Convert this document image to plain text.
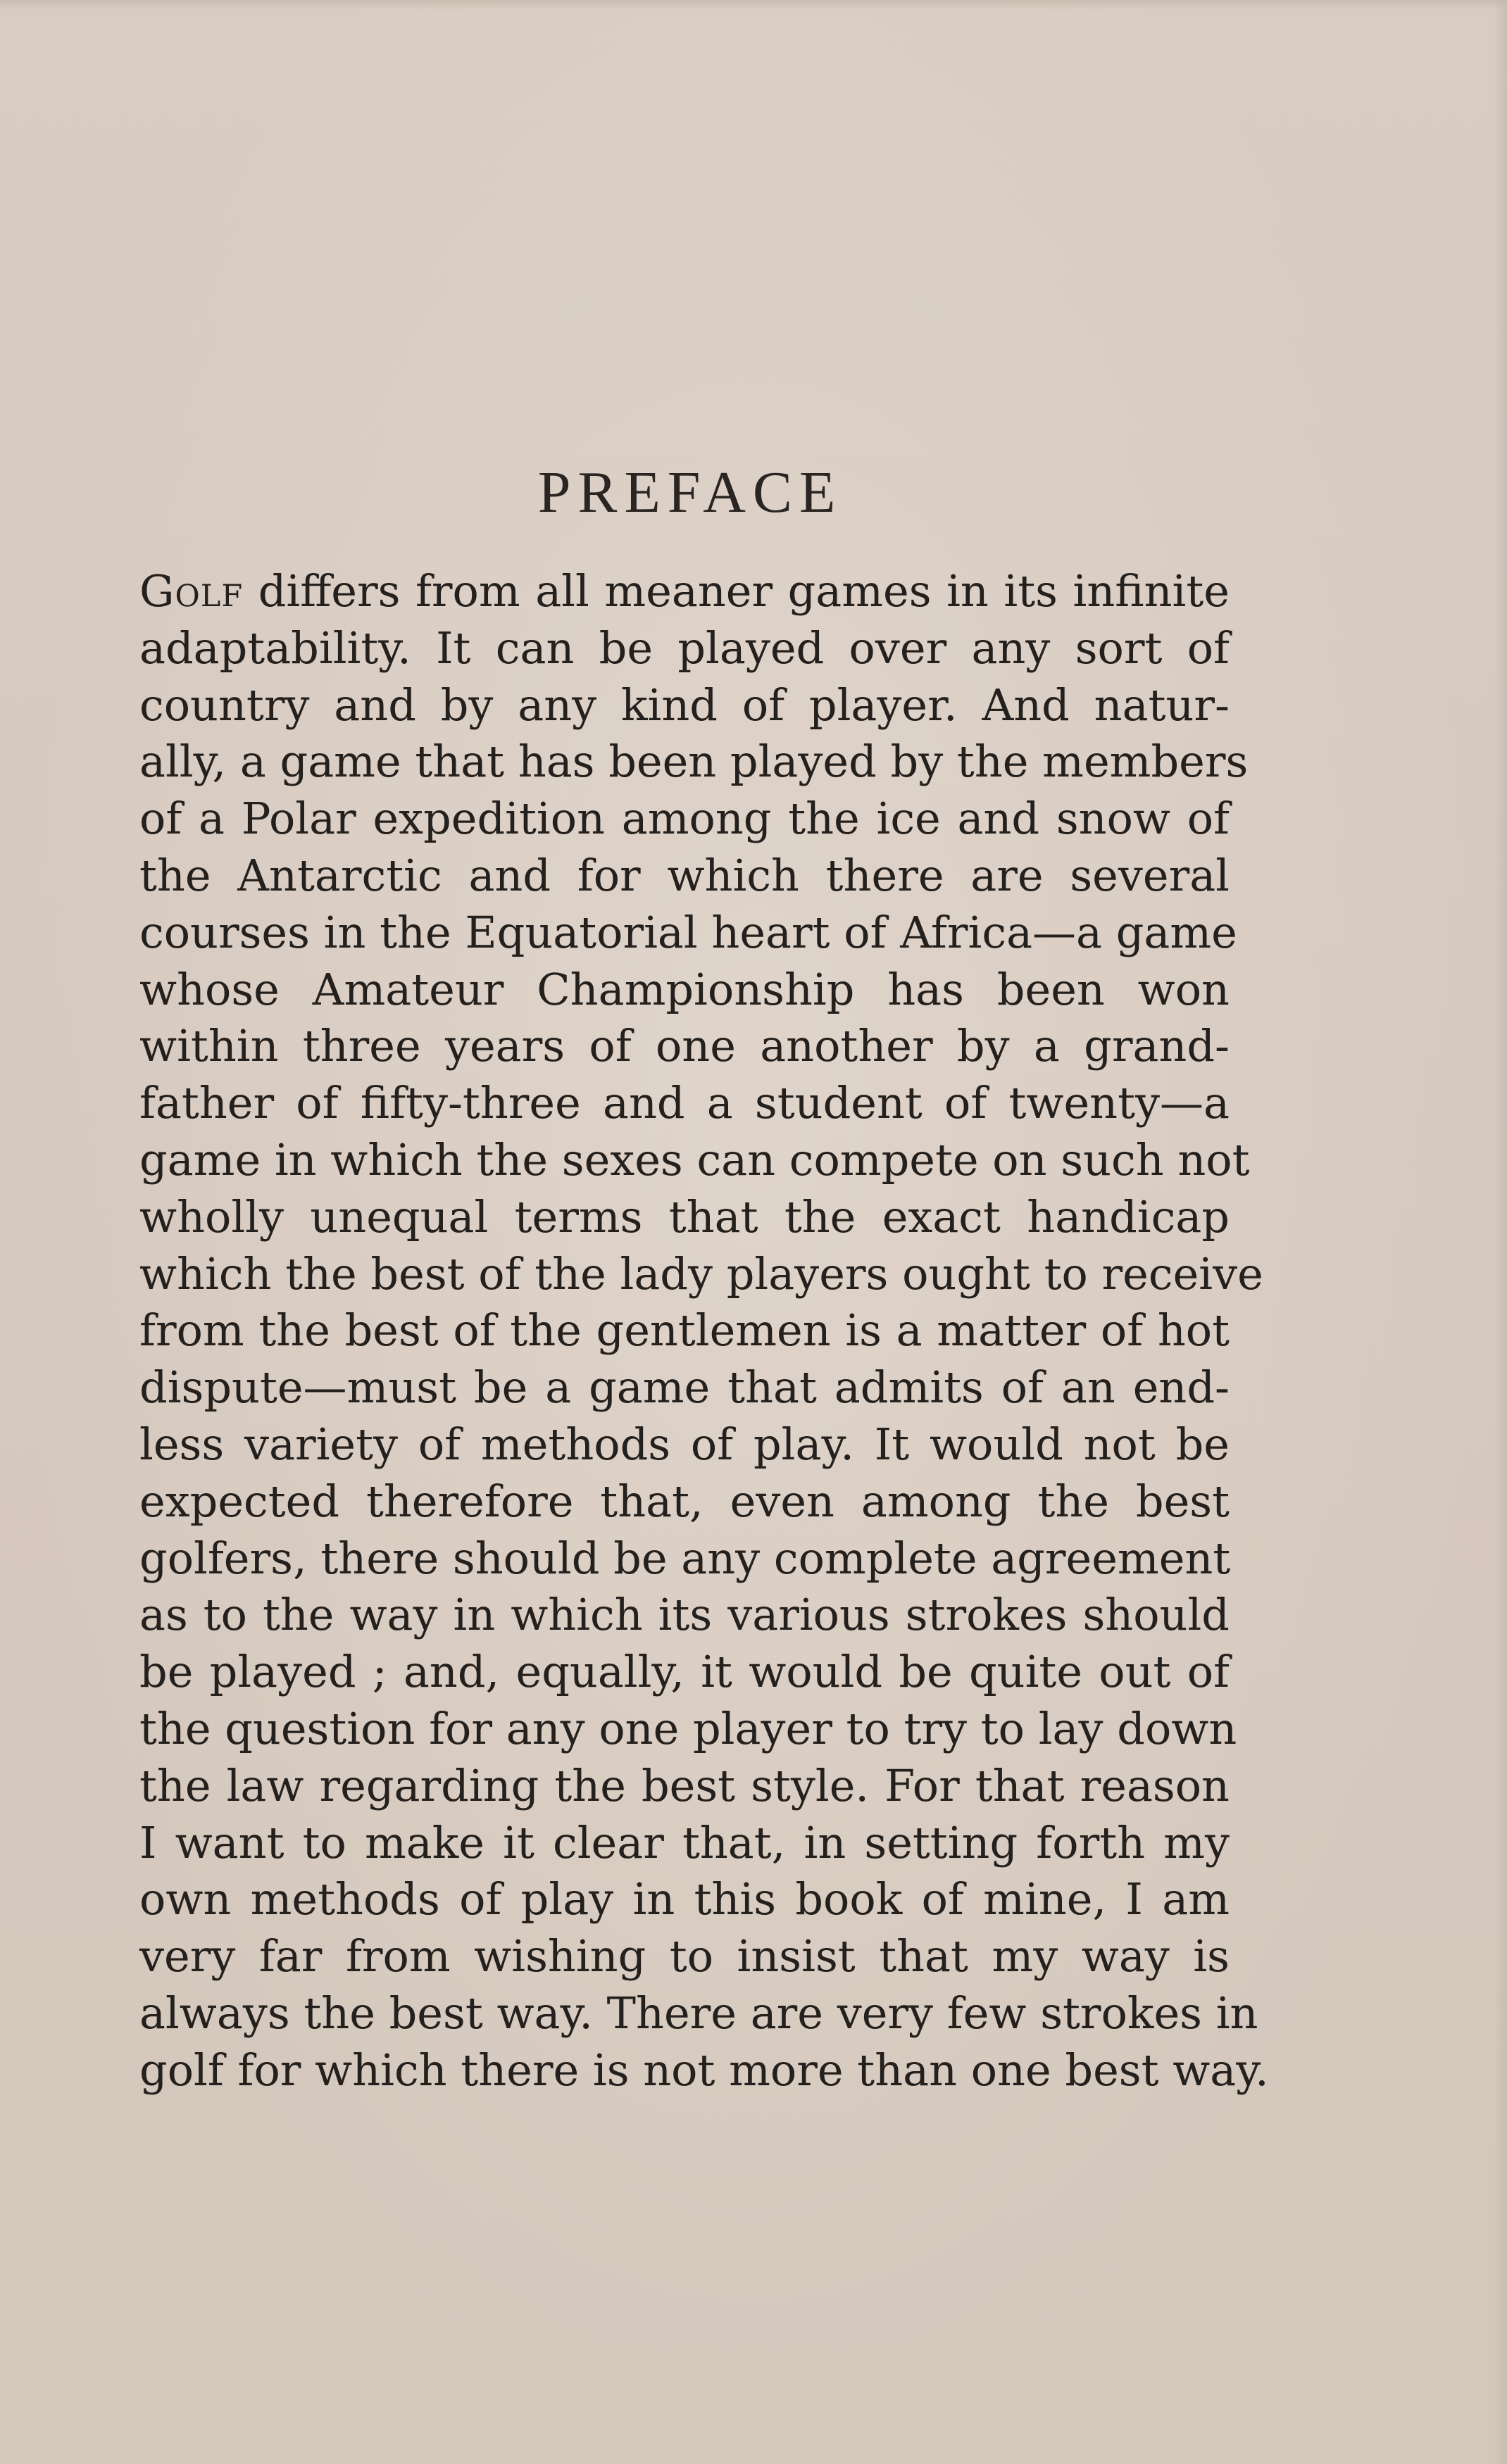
PREFACE
Golf differs from all meaner games in its infinite
adaptability. It can be played over any sort of
country and by any kind of player. And natur-
ally, a game that has been played by the members
of a Polar expedition among the ice and snow of
the Antarctic and for which there are several
courses in the Equatorial heart of Africa—a game
whose Amateur Championship has been won
within three years of one another by a grand-
father of fifty-three and a student of twenty—a
game in which the sexes can compete on such not
wholly unequal terms that the exact handicap
which the best of the lady players ought to receive
from the best of the gentlemen is a matter of hot
dispute—must be a game that admits of an end-
less variety of methods of play. It would not be
expected therefore that, even among the best
golfers, there should be any complete agreement
as to the way in which its various strokes should
be played ; and, equally, it would be quite out of
the question for any one player to try to lay down
the law regarding the best style. For that reason
I want to make it clear that, in setting forth my
own methods of play in this book of mine, I am
very far from wishing to insist that my way is
always the best way. There are very few strokes in
golf for which there is not more than one best way.
